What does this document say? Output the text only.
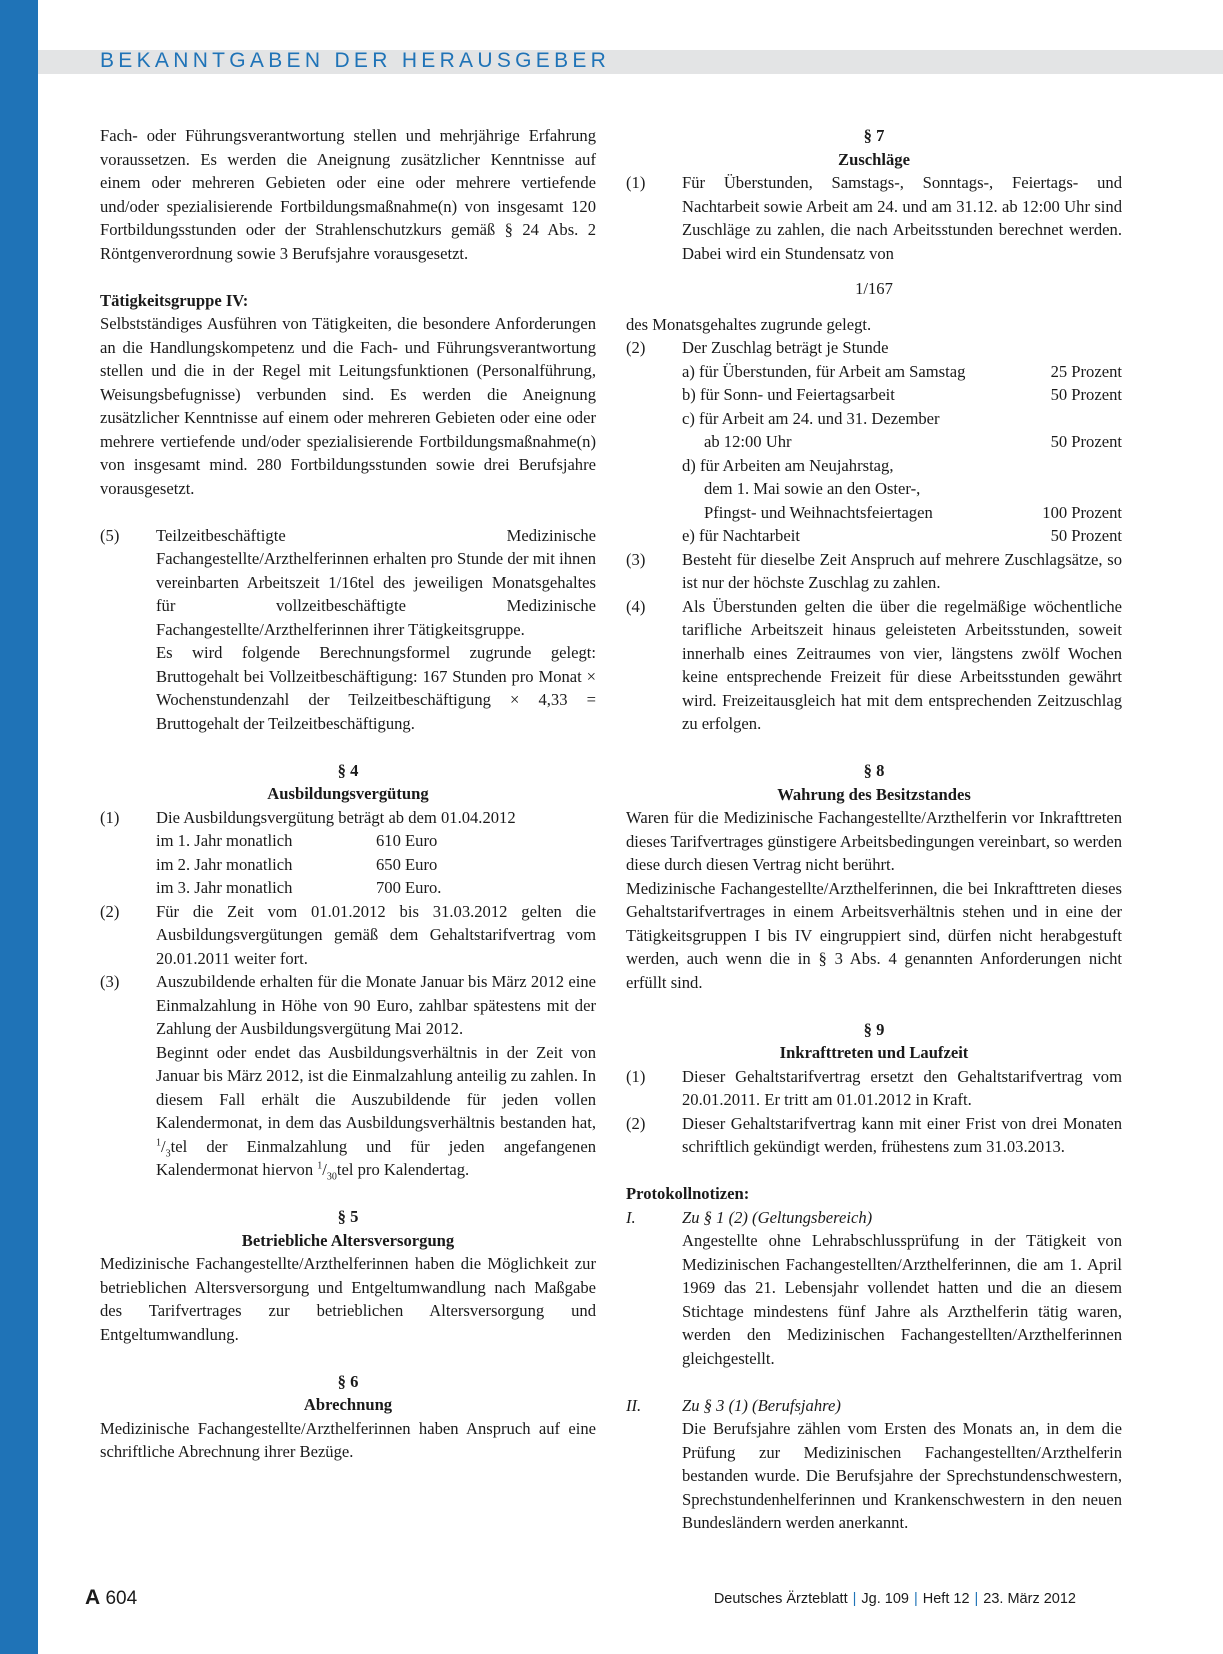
BEKANNTGABEN DER HERAUSGEBER

Fach- oder Führungsverantwortung stellen und mehrjährige Erfahrung voraussetzen. Es werden die Aneignung zusätzlicher Kenntnisse auf einem oder mehreren Gebieten oder eine oder mehrere vertiefende und/oder spezialisierende Fortbildungsmaßnahme(n) von insgesamt 120 Fortbildungsstunden oder der Strahlenschutzkurs gemäß § 24 Abs. 2 Röntgenverordnung sowie 3 Berufsjahre vorausgesetzt.

Tätigkeitsgruppe IV:

Selbstständiges Ausführen von Tätigkeiten, die besondere Anforderungen an die Handlungskompetenz und die Fach- und Führungsverantwortung stellen und die in der Regel mit Leitungsfunktionen (Personalführung, Weisungsbefugnisse) verbunden sind. Es werden die Aneignung zusätzlicher Kenntnisse auf einem oder mehreren Gebieten oder eine oder mehrere vertiefende und/oder spezialisierende Fortbildungsmaßnahme(n) von insgesamt mind. 280 Fortbildungsstunden sowie drei Berufsjahre vorausgesetzt.

(5) Teilzeitbeschäftigte Medizinische Fachangestellte/Arzthelferinnen erhalten pro Stunde der mit ihnen vereinbarten Arbeitszeit 1/16tel des jeweiligen Monatsgehaltes für vollzeitbeschäftigte Medizinische Fachangestellte/Arzthelferinnen ihrer Tätigkeitsgruppe.

Es wird folgende Berechnungsformel zugrunde gelegt: Bruttogehalt bei Vollzeitbeschäftigung: 167 Stunden pro Monat × Wochenstundenzahl der Teilzeitbeschäftigung × 4,33 = Bruttogehalt der Teilzeitbeschäftigung.

§ 4
Ausbildungsvergütung
(1) Die Ausbildungsvergütung beträgt ab dem 01.04.2012

im 1. Jahr monatlich	610 Euro
im 2. Jahr monatlich	650 Euro
im 3. Jahr monatlich	700 Euro.
(2) Für die Zeit vom 01.01.2012 bis 31.03.2012 gelten die Ausbildungsvergütungen gemäß dem Gehaltstarifvertrag vom 20.01.2011 weiter fort.

(3) Auszubildende erhalten für die Monate Januar bis März 2012 eine Einmalzahlung in Höhe von 90 Euro, zahlbar spätestens mit der Zahlung der Ausbildungsvergütung Mai 2012.

Beginnt oder endet das Ausbildungsverhältnis in der Zeit von Januar bis März 2012, ist die Einmalzahlung anteilig zu zahlen. In diesem Fall erhält die Auszubildende für jeden vollen Kalendermonat, in dem das Ausbildungsverhältnis bestanden hat, $^1/_3tel$ der Einmalzahlung und für jeden angefangenen Kalendermonat hiervon $^1/_{30}tel$ pro Kalendertag.

§ 5
Betriebliche Altersversorgung

Medizinische Fachangestellte/Arzthelferinnen haben die Möglichkeit zur betrieblichen Altersversorgung und Entgeltumwandlung nach Maßgabe des Tarifvertrages zur betrieblichen Altersversorgung und Entgeltumwandlung.

§ 6
Abrechnung

Medizinische Fachangestellte/Arzthelferinnen haben Anspruch auf eine schriftliche Abrechnung ihrer Bezüge.

§ 7
Zuschläge
(1) Für Überstunden, Samstags-, Sonntags-, Feiertags- und Nachtarbeit sowie Arbeit am 24. und am 31.12. ab 12:00 Uhr sind Zuschläge zu zahlen, die nach Arbeitsstunden berechnet werden. Dabei wird ein Stundensatz von

1/167

des Monatsgehaltes zugrunde gelegt.

(2) Der Zuschlag beträgt je Stunde

a) für Überstunden, für Arbeit am Samstag	25 Prozent
b) für Sonn- und Feiertagsarbeit	50 Prozent
c) für Arbeit am 24. und 31. Dezember
ab 12:00 Uhr	50 Prozent
d) für Arbeiten am Neujahrstag,
dem 1. Mai sowie an den Oster-,
Pfingst- und Weihnachtsfeiertagen	100 Prozent
e) für Nachtarbeit	50 Prozent
(3) Besteht für dieselbe Zeit Anspruch auf mehrere Zuschlagsätze, so ist nur der höchste Zuschlag zu zahlen.

(4) Als Überstunden gelten die über die regelmäßige wöchentliche tarifliche Arbeitszeit hinaus geleisteten Arbeitsstunden, soweit innerhalb eines Zeitraumes von vier, längstens zwölf Wochen keine entsprechende Freizeit für diese Arbeitsstunden gewährt wird. Freizeitausgleich hat mit dem entsprechenden Zeitzuschlag zu erfolgen.

§ 8
Wahrung des Besitzstandes

Waren für die Medizinische Fachangestellte/Arzthelferin vor Inkrafttreten dieses Tarifvertrages günstigere Arbeitsbedingungen vereinbart, so werden diese durch diesen Vertrag nicht berührt.

Medizinische Fachangestellte/Arzthelferinnen, die bei Inkrafttreten dieses Gehaltstarifvertrages in einem Arbeitsverhältnis stehen und in eine der Tätigkeitsgruppen I bis IV eingruppiert sind, dürfen nicht herabgestuft werden, auch wenn die in § 3 Abs. 4 genannten Anforderungen nicht erfüllt sind.

§ 9
Inkrafttreten und Laufzeit
(1) Dieser Gehaltstarifvertrag ersetzt den Gehaltstarifvertrag vom 20.01.2011. Er tritt am 01.01.2012 in Kraft.

(2) Dieser Gehaltstarifvertrag kann mit einer Frist von drei Monaten schriftlich gekündigt werden, frühestens zum 31.03.2013.

Protokollnotizen:

I.	Zu § 1 (2) (Geltungsbereich)

Angestellte ohne Lehrabschlussprüfung in der Tätigkeit von Medizinischen Fachangestellten/Arzthelferinnen, die am 1. April 1969 das 21. Lebensjahr vollendet hatten und die an diesem Stichtage mindestens fünf Jahre als Arzthelferin tätig waren, werden den Medizinischen Fachangestellten/Arzthelferinnen gleichgestellt.

II. Zu § 3 (1) (Berufsjahre)

Die Berufsjahre zählen vom Ersten des Monats an, in dem die Prüfung zur Medizinischen Fachangestellten/Arzthelferin bestanden wurde. Die Berufsjahre der Sprechstundenschwestern, Sprechstundenhelferinnen und Krankenschwestern in den neuen Bundesländern werden anerkannt.

A 604	Deutsches Ärzteblatt | Jg. 109 | Heft 12 | 23. März 2012
